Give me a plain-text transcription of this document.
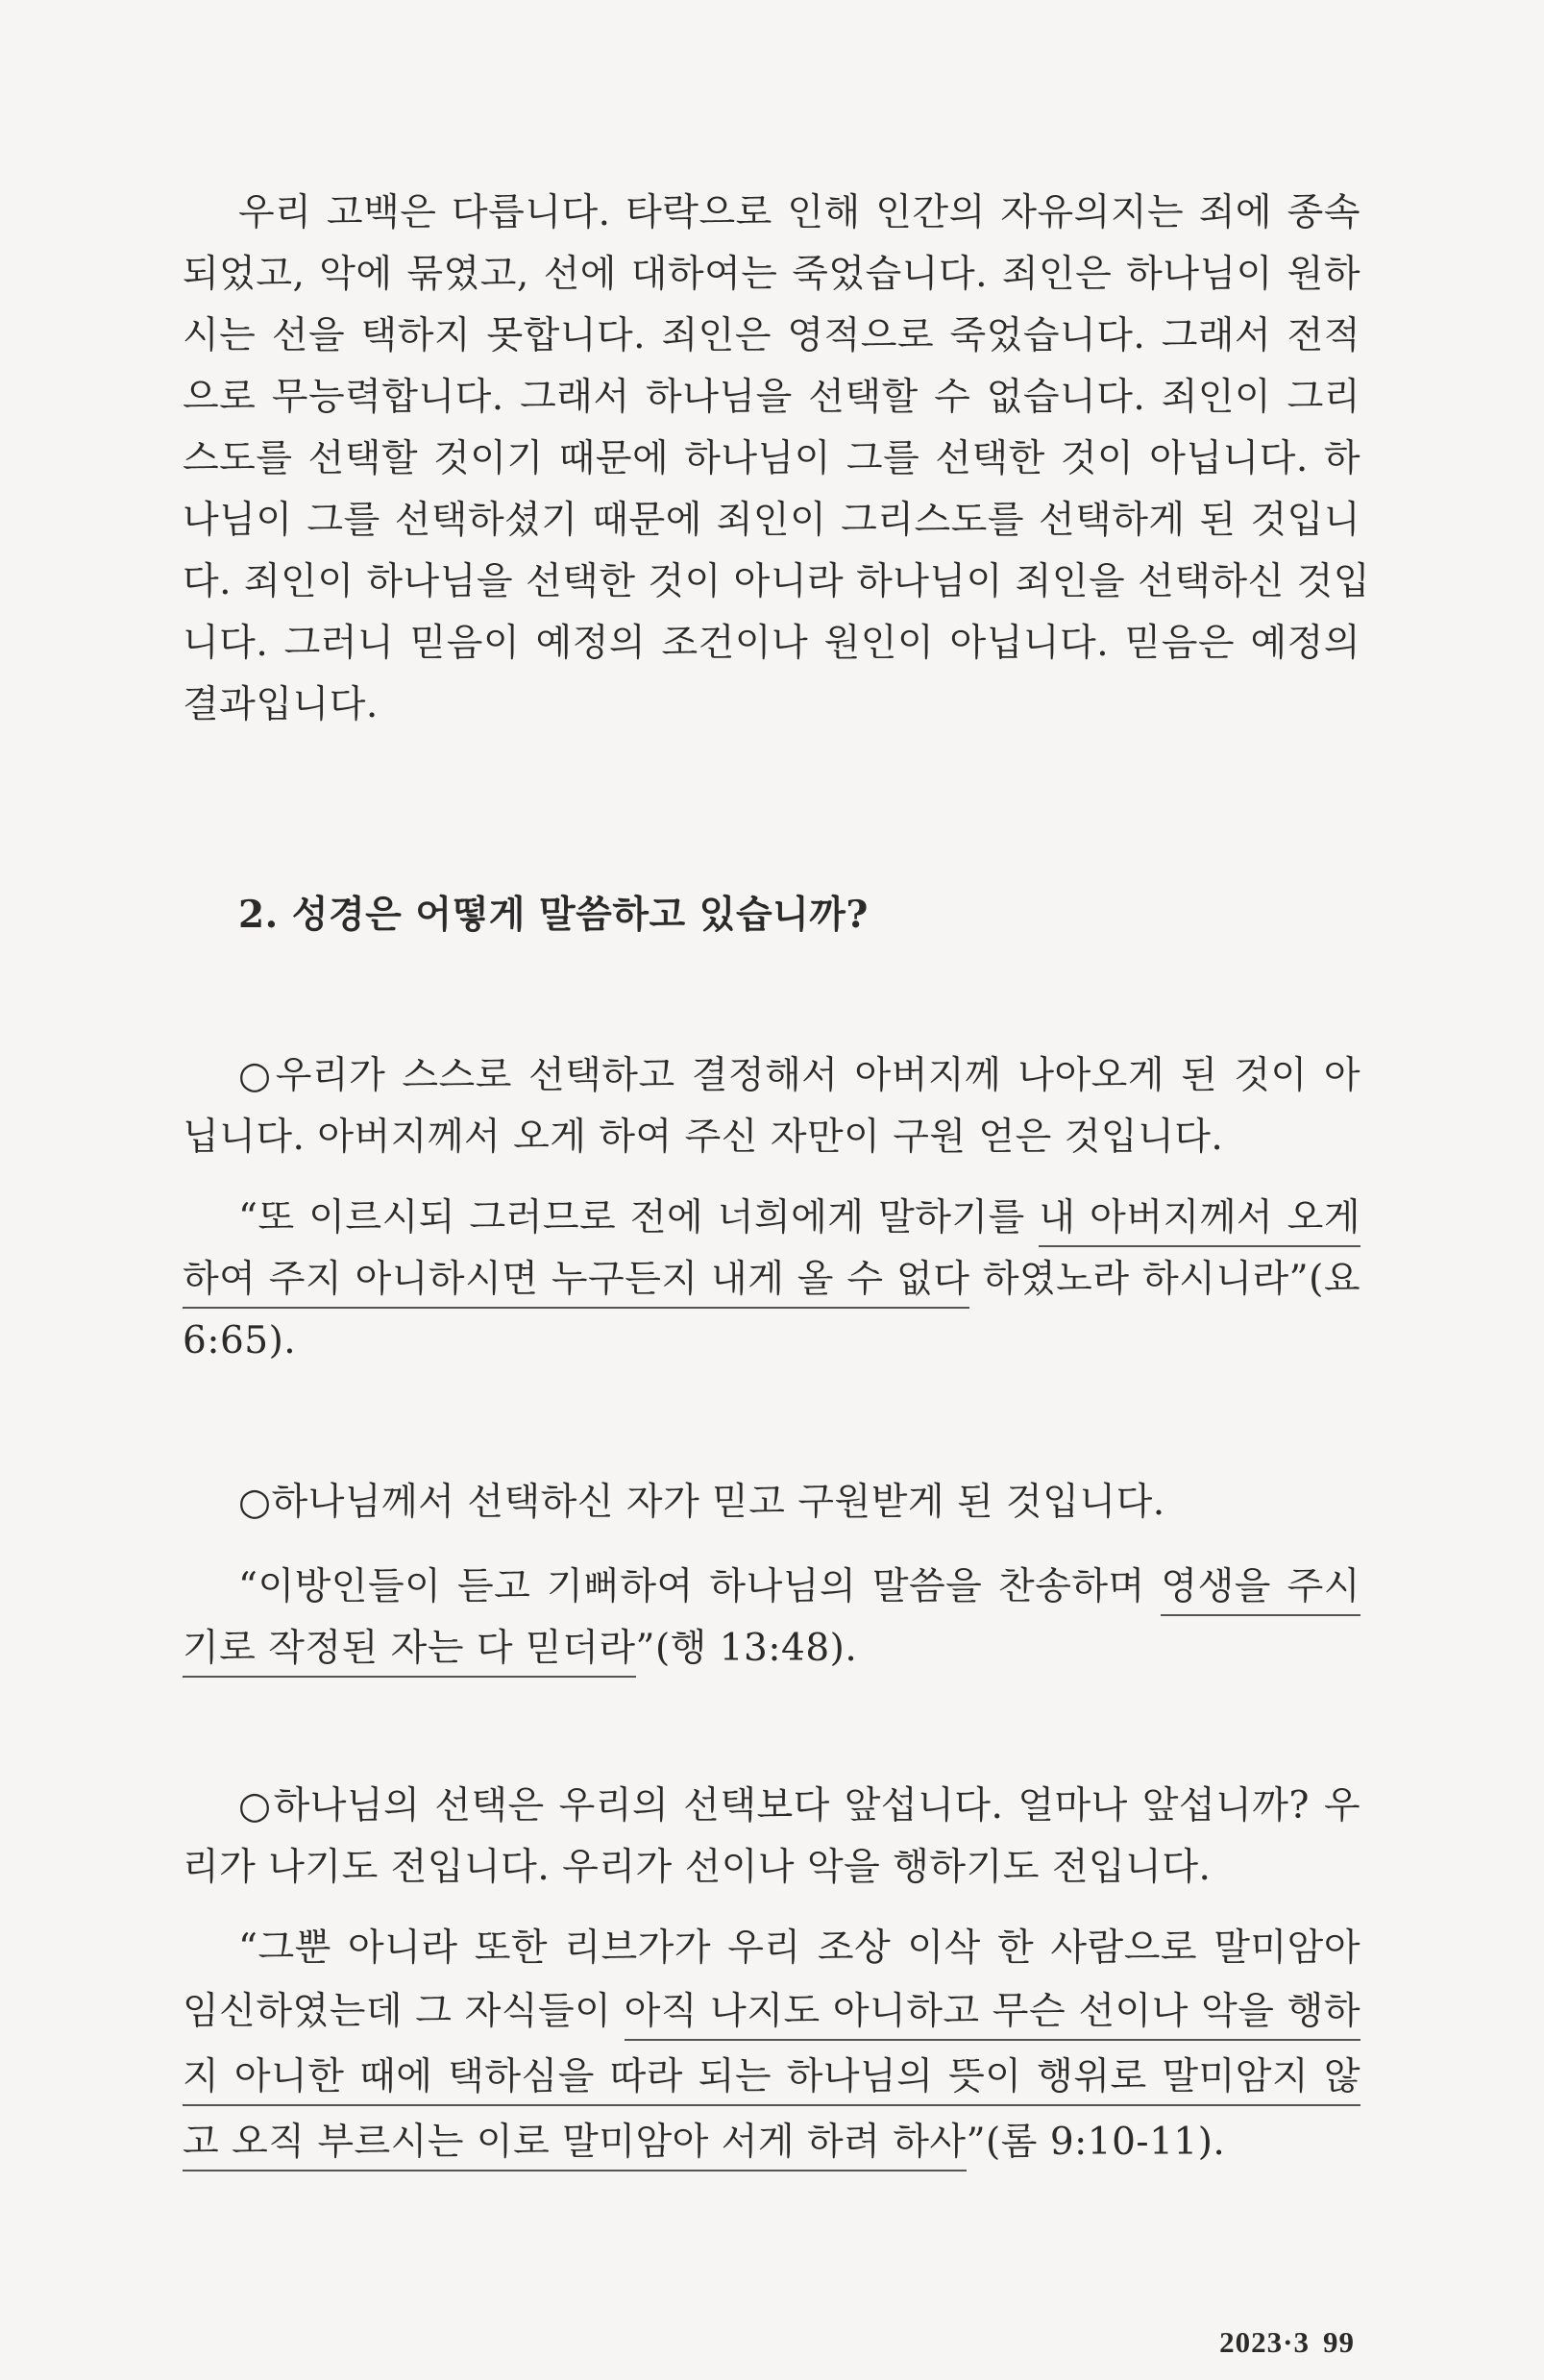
우리 고백은 다릅니다. 타락으로 인해 인간의 자유의지는 죄에 종속
되었고, 악에 묶였고, 선에 대하여는 죽었습니다. 죄인은 하나님이 원하
시는 선을 택하지 못합니다. 죄인은 영적으로 죽었습니다. 그래서 전적
으로 무능력합니다. 그래서 하나님을 선택할 수 없습니다. 죄인이 그리
스도를 선택할 것이기 때문에 하나님이 그를 선택한 것이 아닙니다. 하
나님이 그를 선택하셨기 때문에 죄인이 그리스도를 선택하게 된 것입니
다. 죄인이 하나님을 선택한 것이 아니라 하나님이 죄인을 선택하신 것입
니다. 그러니 믿음이 예정의 조건이나 원인이 아닙니다. 믿음은 예정의
결과입니다.
2. 성경은 어떻게 말씀하고 있습니까?
○우리가 스스로 선택하고 결정해서 아버지께 나아오게 된 것이 아
닙니다. 아버지께서 오게 하여 주신 자만이 구원 얻은 것입니다.
“또 이르시되 그러므로 전에 너희에게 말하기를 내 아버지께서 오게
하여 주지 아니하시면 누구든지 내게 올 수 없다 하였노라 하시니라”(요
6:65).
○하나님께서 선택하신 자가 믿고 구원받게 된 것입니다.
“이방인들이 듣고 기뻐하여 하나님의 말씀을 찬송하며 영생을 주시
기로 작정된 자는 다 믿더라”(행 13:48).
○하나님의 선택은 우리의 선택보다 앞섭니다. 얼마나 앞섭니까? 우
리가 나기도 전입니다. 우리가 선이나 악을 행하기도 전입니다.
“그뿐 아니라 또한 리브가가 우리 조상 이삭 한 사람으로 말미암아
임신하였는데 그 자식들이 아직 나지도 아니하고 무슨 선이나 악을 행하
지 아니한 때에 택하심을 따라 되는 하나님의 뜻이 행위로 말미암지 않
고 오직 부르시는 이로 말미암아 서게 하려 하사”(롬 9:10-11).
2023·3 99
